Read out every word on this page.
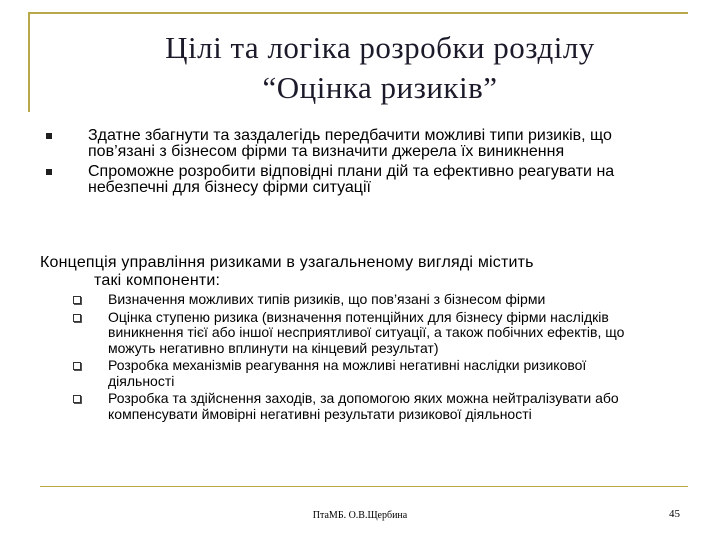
Цілі та логіка розробки розділу
“Оцінка ризиків”
Здатне збагнути та заздалегідь передбачити можливі типи ризиків, що пов’язані з бізнесом фірми та визначити джерела їх виникнення
Спроможне розробити відповідні плани дій та ефективно реагувати на небезпечні для бізнесу фірми ситуації
Концепція управління ризиками в узагальненому вигляді містить
такі компоненти:
Визначення можливих типів ризиків, що пов’язані з бізнесом фірми
Оцінка ступеню ризика (визначення потенційних для бізнесу фірми наслідків виникнення тієї або іншої несприятливої ситуації, а також побічних ефектів, що можуть негативно вплинути на кінцевий результат)
Розробка механізмів реагування на можливі негативні наслідки ризикової діяльності
Розробка та здійснення заходів, за допомогою яких можна нейтралізувати або компенсувати ймовірні негативні результати ризикової діяльності
ПтаМБ. О.В.Щербина	45
